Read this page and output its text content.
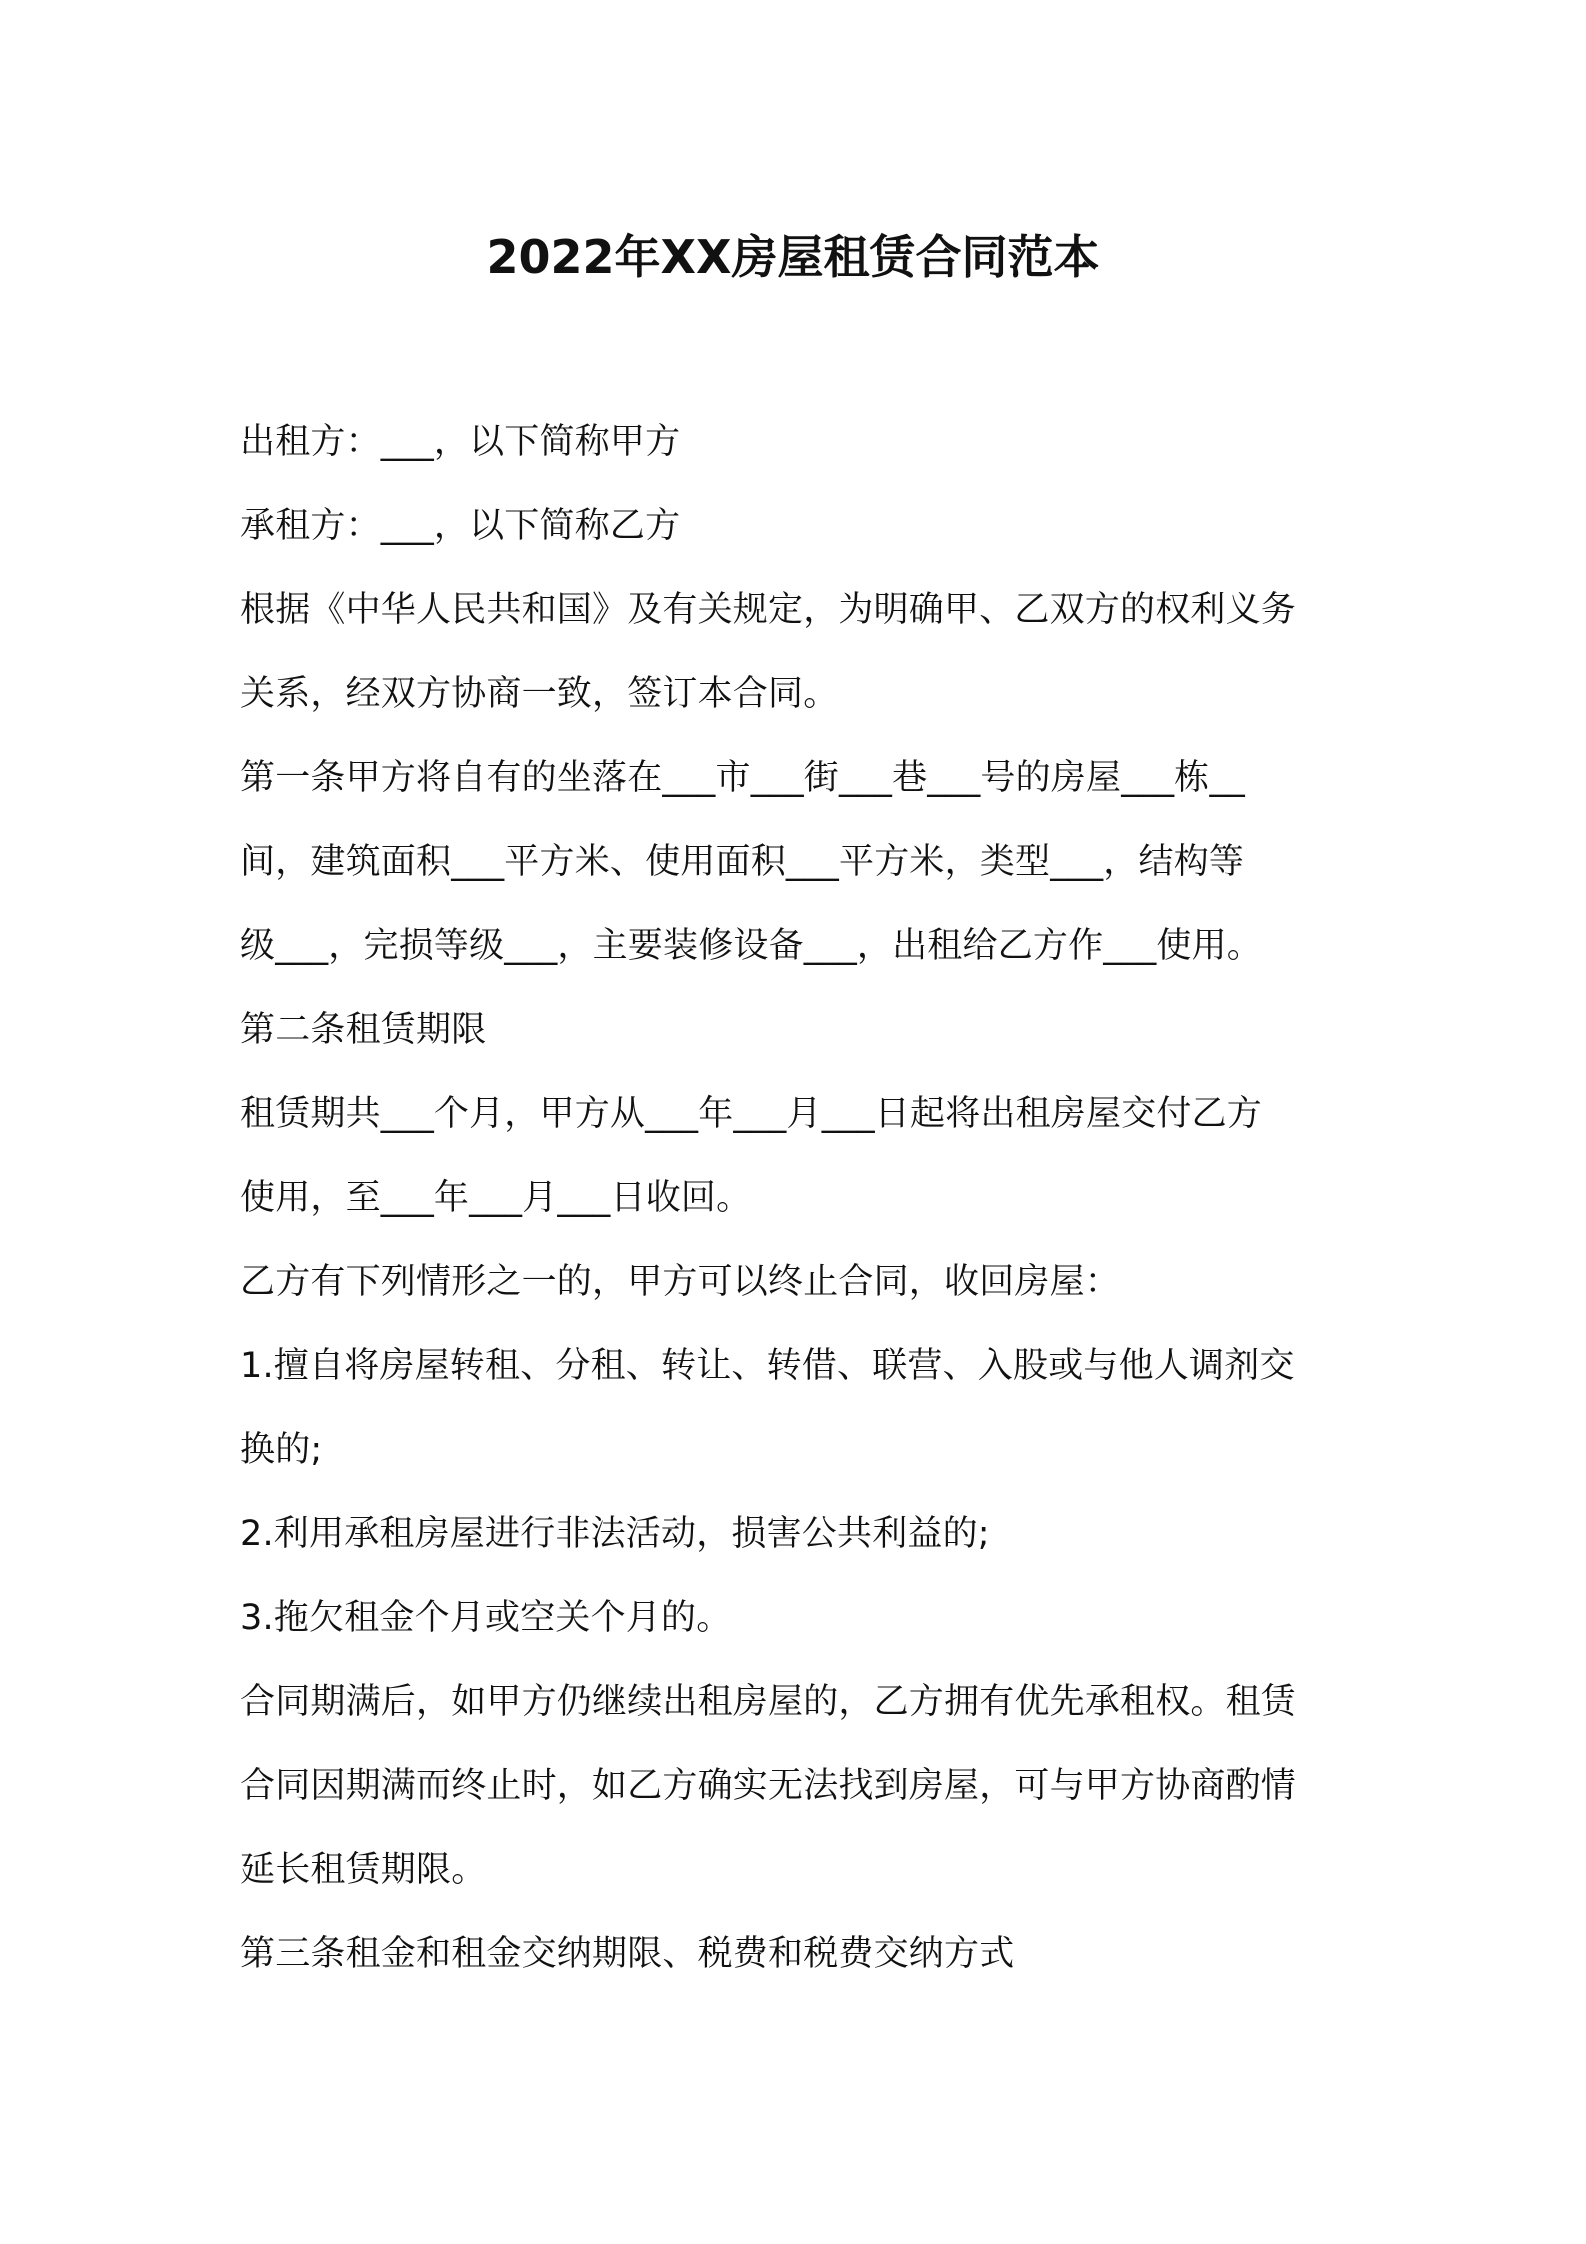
2022年XX房屋租赁合同范本
出租方：___，以下简称甲方
承租方：___，以下简称乙方
根据《中华人民共和国》及有关规定，为明确甲、乙双方的权利义务
关系，经双方协商一致，签订本合同。
第一条甲方将自有的坐落在___市___街___巷___号的房屋___栋__
间，建筑面积___平方米、使用面积___平方米，类型___，结构等
级___，完损等级___，主要装修设备___，出租给乙方作___使用。
第二条租赁期限
租赁期共___个月，甲方从___年___月___日起将出租房屋交付乙方
使用，至___年___月___日收回。
乙方有下列情形之一的，甲方可以终止合同，收回房屋：
1.擅自将房屋转租、分租、转让、转借、联营、入股或与他人调剂交
换的;
2.利用承租房屋进行非法活动，损害公共利益的;
3.拖欠租金个月或空关个月的。
合同期满后，如甲方仍继续出租房屋的，乙方拥有优先承租权。租赁
合同因期满而终止时，如乙方确实无法找到房屋，可与甲方协商酌情
延长租赁期限。
第三条租金和租金交纳期限、税费和税费交纳方式
